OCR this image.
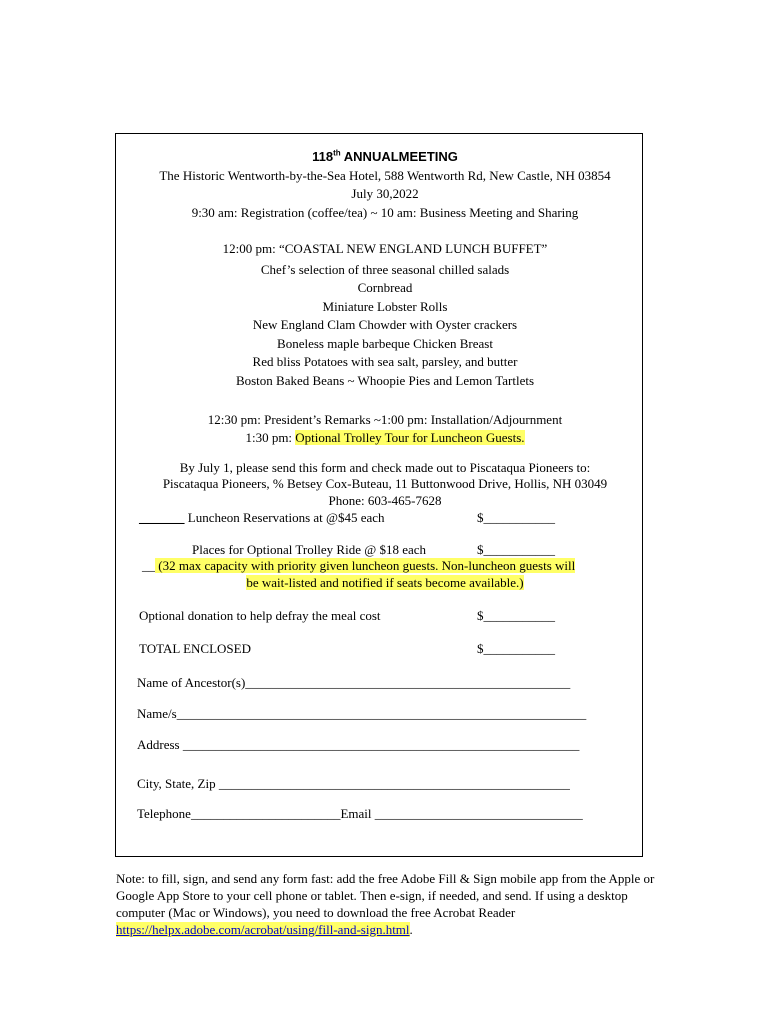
118th ANNUALMEETING
The Historic Wentworth-by-the-Sea Hotel, 588 Wentworth Rd, New Castle, NH 03854
July 30,2022
9:30 am: Registration (coffee/tea) ~ 10 am: Business Meeting and Sharing
12:00 pm: “COASTAL NEW ENGLAND LUNCH BUFFET”
Chef’s selection of three seasonal chilled salads
Cornbread
Miniature Lobster Rolls
New England Clam Chowder with Oyster crackers
Boneless maple barbeque Chicken Breast
Red bliss Potatoes with sea salt, parsley, and butter
Boston Baked Beans ~ Whoopie Pies and Lemon Tartlets
12:30 pm: President’s Remarks ~1:00 pm: Installation/Adjournment
1:30 pm: Optional Trolley Tour for Luncheon Guests.
By July 1, please send this form and check made out to Piscataqua Pioneers to:
Piscataqua Pioneers, % Betsey Cox-Buteau, 11 Buttonwood Drive, Hollis, NH 03049
Phone: 603-465-7628
_______ Luncheon Reservations at @$45 each	$___________
Places for Optional Trolley Ride @ $18 each	$___________
__ (32 max capacity with priority given luncheon guests. Non-luncheon guests will
be wait-listed and notified if seats become available.)
Optional donation to help defray the meal cost	$___________
TOTAL ENCLOSED	$___________
Name of Ancestor(s)__________________________________________________
Name/s_______________________________________________________________
Address _____________________________________________________________
City, State, Zip ______________________________________________________
Telephone_______________________Email ________________________________
Note: to fill, sign, and send any form fast: add the free Adobe Fill & Sign mobile app from the Apple or Google App Store to your cell phone or tablet. Then e-sign, if needed, and send. If using a desktop computer (Mac or Windows), you need to download the free Acrobat Reader https://helpx.adobe.com/acrobat/using/fill-and-sign.html.
